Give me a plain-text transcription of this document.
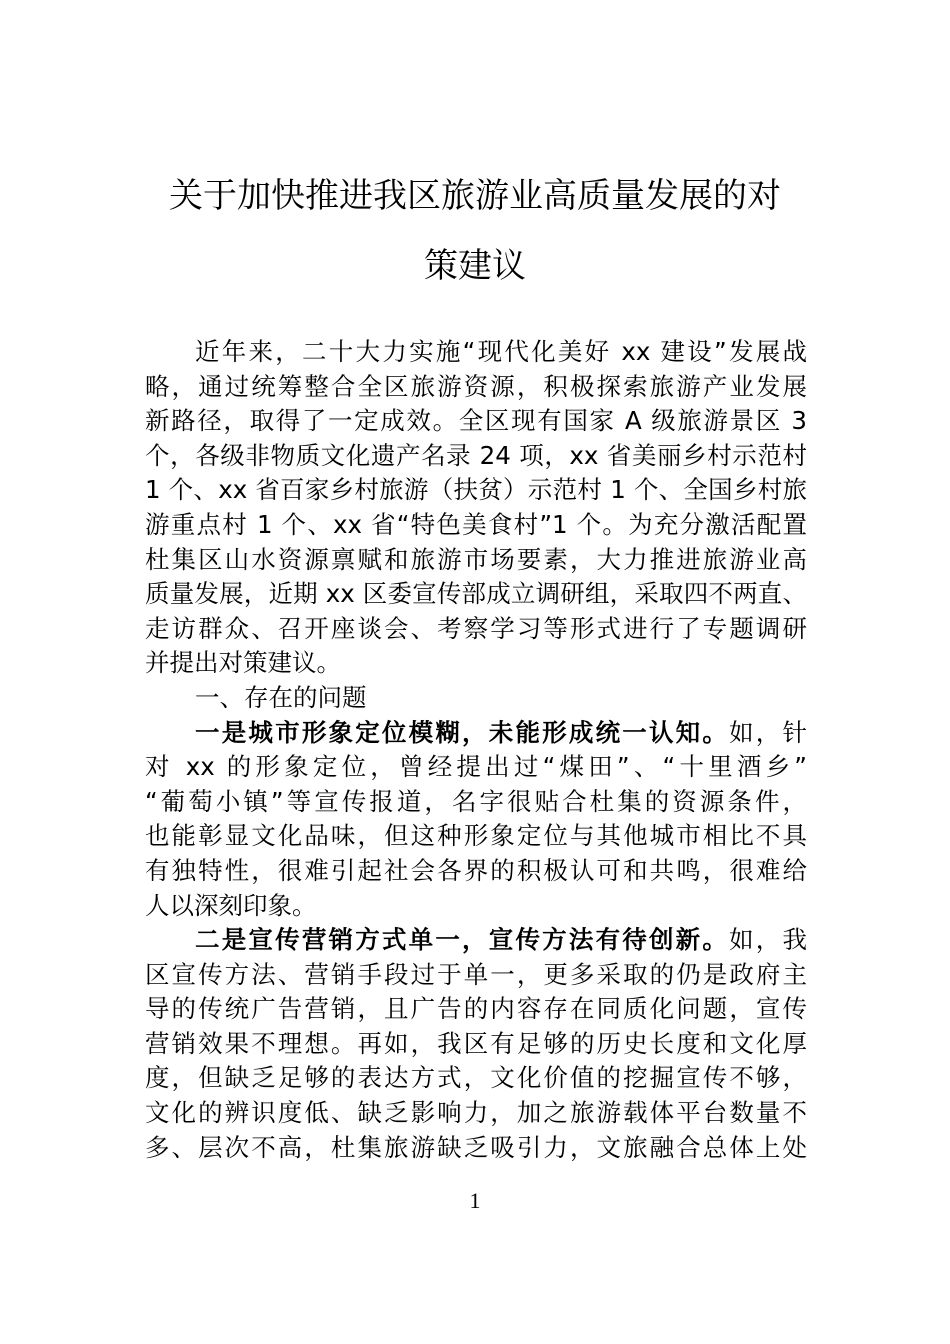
关于加快推进我区旅游业高质量发展的对
策建议
近年来，二十大力实施“现代化美好 xx 建设”发展战
略，通过统筹整合全区旅游资源，积极探索旅游产业发展
新路径，取得了一定成效。全区现有国家 A 级旅游景区 3
个，各级非物质文化遗产名录 24 项，xx 省美丽乡村示范村
1 个、xx 省百家乡村旅游（扶贫）示范村 1 个、全国乡村旅
游重点村 1 个、xx 省“特色美食村”1 个。为充分激活配置
杜集区山水资源禀赋和旅游市场要素，大力推进旅游业高
质量发展，近期 xx 区委宣传部成立调研组，采取四不两直、
走访群众、召开座谈会、考察学习等形式进行了专题调研
并提出对策建议。
一、存在的问题
一是城市形象定位模糊，未能形成统一认知。如，针
对 xx 的形象定位，曾经提出过“煤田”、“十里酒乡”
“葡萄小镇”等宣传报道，名字很贴合杜集的资源条件，
也能彰显文化品味，但这种形象定位与其他城市相比不具
有独特性，很难引起社会各界的积极认可和共鸣，很难给
人以深刻印象。
二是宣传营销方式单一，宣传方法有待创新。如，我
区宣传方法、营销手段过于单一，更多采取的仍是政府主
导的传统广告营销，且广告的内容存在同质化问题，宣传
营销效果不理想。再如，我区有足够的历史长度和文化厚
度，但缺乏足够的表达方式，文化价值的挖掘宣传不够，
文化的辨识度低、缺乏影响力，加之旅游载体平台数量不
多、层次不高，杜集旅游缺乏吸引力，文旅融合总体上处
1
